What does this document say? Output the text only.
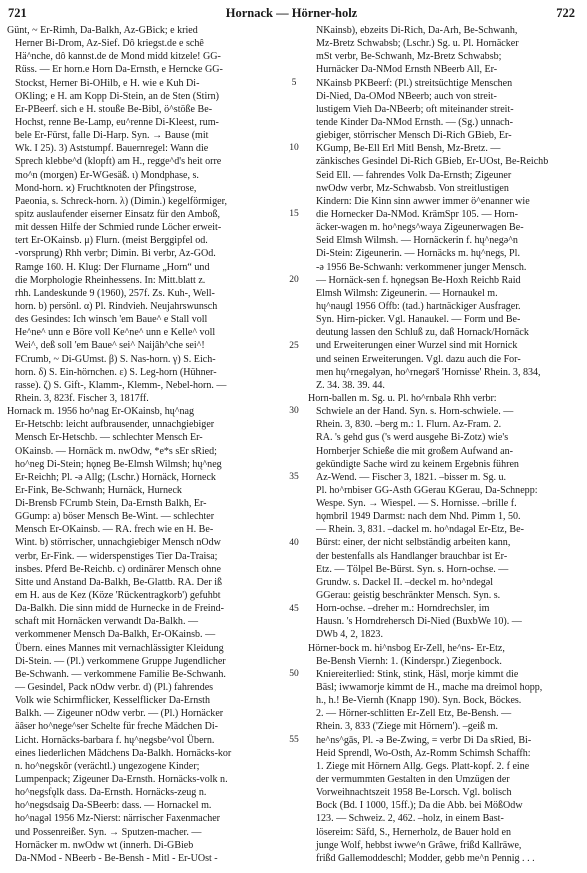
721	Hornack — Hörner-holz	722
Günt, ~ Er-Rimh, Da-Balkh, Az-GBick; e kried
Herner Bi-Drom, Az-Sief. Dô kriegst.de e schê
Hä^nche, dô kannst.de de Mond midd kitzele! GG-
Rüss. — Er horn.e Horn Da-Ernsth, e Herncke GG-
Stockst, Herner Bi-OHilb, e H. wie e Kuh Di-
OKling; e H. am Kopp Di-Stein, an de Sten (Stirn)
Er-PBeerf. sich e H. stouße Be-Bibl, ö^stöße Be-
Hochst, renne Be-Lamp, eu^renne Di-Kleest, rum-
bele Er-Fürst, falle Di-Harp. Syn. → Bause (mit
Wk. I 25). 3) Aststumpf. Bauernregel: Wann die
Sprech klebbe^d (klopft) am H., regge^d's heit orre
mo^n (morgen) Er-WGesäß. ɩ) Mondphase, s.
Mond-horn. ϰ) Fruchtknoten der Pfingstrose,
Paeonia, s. Schreck-horn. λ) (Dimin.) kegelförmiger,
spitz auslaufender eiserner Einsatz für den Amboß,
mit dessen Hilfe der Schmied runde Löcher erweit-
tert Er-OKainsb. μ) Flurn. (meist Berggipfel od.
-vorsprung) Rhh verbr; Dimin. Bi verbr, Az-GOd.
Ramge 160. H. Klug: Der Flurname „Horn“ und
die Morphologie Rheinhessens. In: Mitt.blatt z.
rhh. Landeskunde 9 (1960), 257f. Zs. Kuh-, Well-
horn. b) persönl. α) Pl. Rindvieh. Neujahrswunsch
des Gesindes: Ich winsch 'em Baue^ e Stall voll
He^ne^ unn e Böre voll Ke^ne^ unn e Kelle^ voll
Wei^, deß soll 'em Baue^ sei^ Naijâh^che sei^!
FCrumb, ~ Di-GUmst. β) S. Nas-horn. γ) S. Eich-
horn. δ) S. Ein-hörnchen. ε) S. Leg-horn (Hühner-
rasse). ζ) S. Gift-, Klamm-, Klemm-, Nebel-horn. —
Rhein. 3, 823f. Fischer 3, 1817ff.
Hornack m. 1956 ho^nag Er-OKainsb, hų^nag
Er-Hetschb: leicht aufbrausender, unnachgiebiger
Mensch Er-Hetschb. — schlechter Mensch Er-
OKainsb. — Hornäck m. nwOdw, *e*s sEr sRied;
ho^neg Di-Stein; hǫneg Be-Elmsh Wilmsh; hų^neg
Er-Reichh; Pl. -ə Allg; (Lschr.) Hornäck, Horneck
Er-Fink, Be-Schwanh; Hurnäck, Hurneck
Di-Brensb FCrumb Stein, Da-Ernsth Balkh, Er-
GGump: a) böser Mensch Be-Wint. — schlechter
Mensch Er-OKainsb. — RA. frech wie en H. Be-
Wint. b) störrischer, unnachgiebiger Mensch nOdw
verbr, Er-Fink. — widerspenstiges Tier Da-Traisa;
insbes. Pferd Be-Reichb. c) ordinärer Mensch ohne
Sitte und Anstand Da-Balkh, Be-Glattb. RA. Der iß
em H. aus de Kez (Köze 'Rückentragkorb') gefuhbt
Da-Balkh. Die sinn midd de Hurnecke in de Freind-
schaft mit Hornäcken verwandt Da-Balkh. —
verkommener Mensch Da-Balkh, Er-OKainsb. —
Übern. eines Mannes mit vernachlässigter Kleidung
Di-Stein. — (Pl.) verkommene Gruppe Jugendlicher
Be-Schwanh. — verkommene Familie Be-Schwanh.
— Gesindel, Pack nOdw verbr. d) (Pl.) fahrendes
Volk wie Schirmflicker, Kesselflicker Da-Ernsth
Balkh. — Zigeuner nOdw verbr. — (Pl.) Hornäcker
äâser ho^nege^ser Schelte für freche Mädchen Di-
Licht. Hornäcks-barbara f. hų^negsbe^vol Übern.
eines liederlichen Mädchens Da-Balkh. Hornäcks-kor
n. ho^negskõr (verächtl.) ungezogene Kinder;
Lumpenpack; Zigeuner Da-Ernsth. Hornäcks-volk n.
ho^negsfǫlk dass. Da-Ernsth. Hornäcks-zeug n.
ho^negsdsaig Da-SBeerb: dass. — Hornackel m.
ho^nagəl 1956 Mz-Nierst: närrischer Faxenmacher
und Possenreißer. Syn. → Sputzen-macher. —
Hornäcker m. nwOdw wt (innerh. Di-GBieb
Da-NMod - NBeerb - Be-Bensh - Mitl - Er-UOst -
5
10
15
20
25
30
35
40
45
50
55
NKainsb), ebzeits Di-Rich, Da-Arh, Be-Schwanh,
Mz-Bretz Schwabsb; (Lschr.) Sg. u. Pl. Hornäcker
mSt verbr, Be-Schwanh, Mz-Bretz Schwabsb;
Hurnäcker Da-NMod Ernsth NBeerb All, Er-
NKainsb PKBeerf: (Pl.) streitsüchtige Menschen
Di-Nied, Da-OMod NBeerb; auch von streit-
lustigem Vieh Da-NBeerb; oft miteinander streit-
tende Kinder Da-NMod Ernsth. — (Sg.) unnach-
giebiger, störrischer Mensch Di-Rich GBieb, Er-
KGump, Be-Ell Erl Mitl Bensh, Mz-Bretz. —
zänkisches Gesindel Di-Rich GBieb, Er-UOst, Be-Reichb
Seid Ell. — fahrendes Volk Da-Ernsth; Zigeuner
nwOdw verbr, Mz-Schwabsb. Von streitlustigen
Kindern: Die Kinn sinn awwer immer ö^enanner wie
die Hornecker Da-NMod. KrämSpr 105. — Horn-
äcker-wagen m. ho^negs^waya Zigeunerwagen Be-
Seid Elmsh Wilmsh. — Hornäckerin f. hų^negə^n
Di-Stein: Zigeunerin. — Hornäcks m. hų^negs, Pl.
-ə 1956 Be-Schwanh: verkommener junger Mensch.
— Hornäck-sen f. hǫnegsən Be-Hoxh Reichb Raid
Elmsh Wilmsh: Zigeunerin. — Hornaukel m.
hų^naugl 1956 Offb: (tad.) hartnäckiger Ausfrager.
Syn. Hirn-picker. Vgl. Hanaukel. — Form und Be-
deutung lassen den Schluß zu, daß Hornack/Hornäck
und Erweiterungen einer Wurzel sind mit Hornick
und seinen Erweiterungen. Vgl. dazu auch die For-
men hų^rnegəlyən, ho^rnegərš 'Hornisse' Rhein. 3, 834,
Z. 34. 38. 39. 44.
Horn-ballen m. Sg. u. Pl. ho^rnbalə Rhh verbr:
Schwiele an der Hand. Syn. s. Horn-schwiele. —
Rhein. 3, 830. –berg m.: 1. Flurn. Az-Fram. 2.
RA. 's gehd gus ('s werd ausgehe Bi-Zotz) wie's
Hornberjer Schieße die mit großem Aufwand an-
gekündigte Sache wird zu keinem Ergebnis führen
Az-Wend. — Fischer 3, 1821. –bisser m. Sg. u.
Pl. ho^rnbiser GG-Asth GGerau KGerau, Da-Schnepp:
Wespe. Syn. → Wiespel. — S. Hornisse. –brille f.
hǫmbril 1949 Darmst: nach dem Nhd. Pimm 1, 50.
— Rhein. 3, 831. –dackel m. ho^ndagəl Er-Etz, Be-
Bürst: einer, der nicht selbständig arbeiten kann,
der bestenfalls als Handlanger brauchbar ist Er-
Etz. — Tölpel Be-Bürst. Syn. s. Horn-ochse. —
Grundw. s. Dackel II. –deckel m. ho^ndegəl
GGerau: geistig beschränkter Mensch. Syn. s.
Horn-ochse. –dreher m.: Horndrechsler, im
Hausn. 's Horndrehersch Di-Nied (BuxbWe 10). —
DWb 4, 2, 1823.
Hörner-bock m. hi^nsbog Er-Zell, he^ns- Er-Etz,
Be-Bensh Viernh: 1. (Kinderspr.) Ziegenbock.
Kniereiterlied: Stink, stink, Häsl, morje kimmt die
Bäsl; iwwamorje kimmt de H., mache ma dreimol hopp,
h., h.! Be-Viernh (Knapp 190). Syn. Bock, Böckes.
2. — Hörner-schlitten Er-Zell Etz, Be-Bensh. —
Rhein. 3, 833 ('Ziege mit Hörnern'). –geiß m.
he^ns^gās, Pl. -ə Be-Zwing, = verbr Di Da sRied, Bi-
Heid Sprendl, Wo-Osth, Az-Romm Schimsh Schaffh:
1. Ziege mit Hörnern Allg. Gegs. Platt-kopf. 2. f eine
der vermummten Gestalten in den Umzügen der
Vorweihnachtszeit 1958 Be-Lorsch. Vgl. bolisch
Bock (Bd. I 1000, 15ff.); Da die Abb. bei MößOdw
123. — Schweiz. 2, 462. –holz, in einem Bast-
lösereim: Säfd, S., Hernerholz, de Bauer hold en
junge Wolf, hebbst iwwe^n Grâwe, frißd Kallräwe,
frißd Gallemoddeschl; Modder, gebb me^n Pennig . . .
